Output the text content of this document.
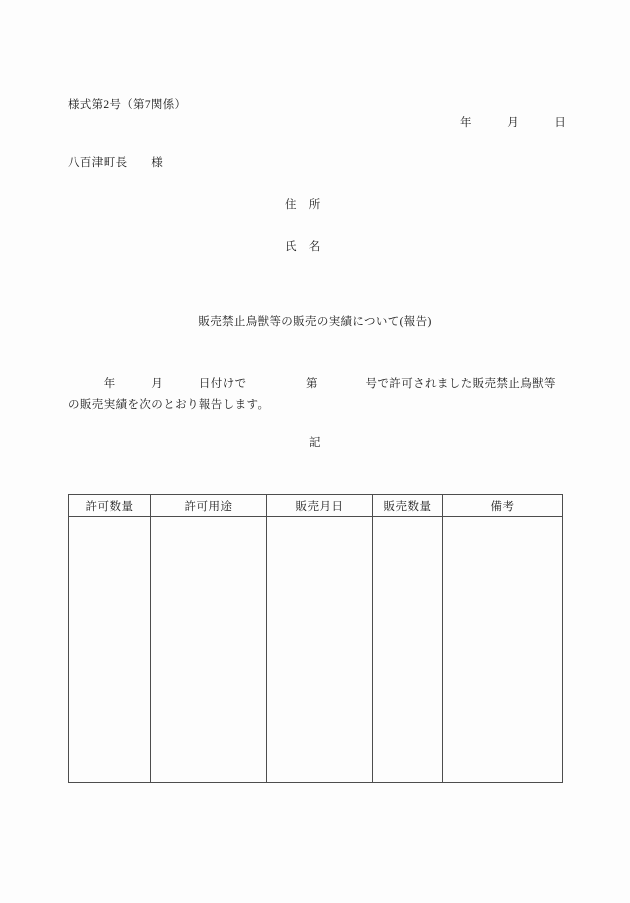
様式第2号（第7関係）
年　　　月　　　日
八百津町長　　様
住　所
氏　名
販売禁止鳥獣等の販売の実績について(報告)
　　　年　　　月　　　日付けで　　　　　第　　　　号で許可されました販売禁止鳥獣等の販売実績を次のとおり報告します。
記
許可数量	許可用途	販売月日	販売数量	備考
